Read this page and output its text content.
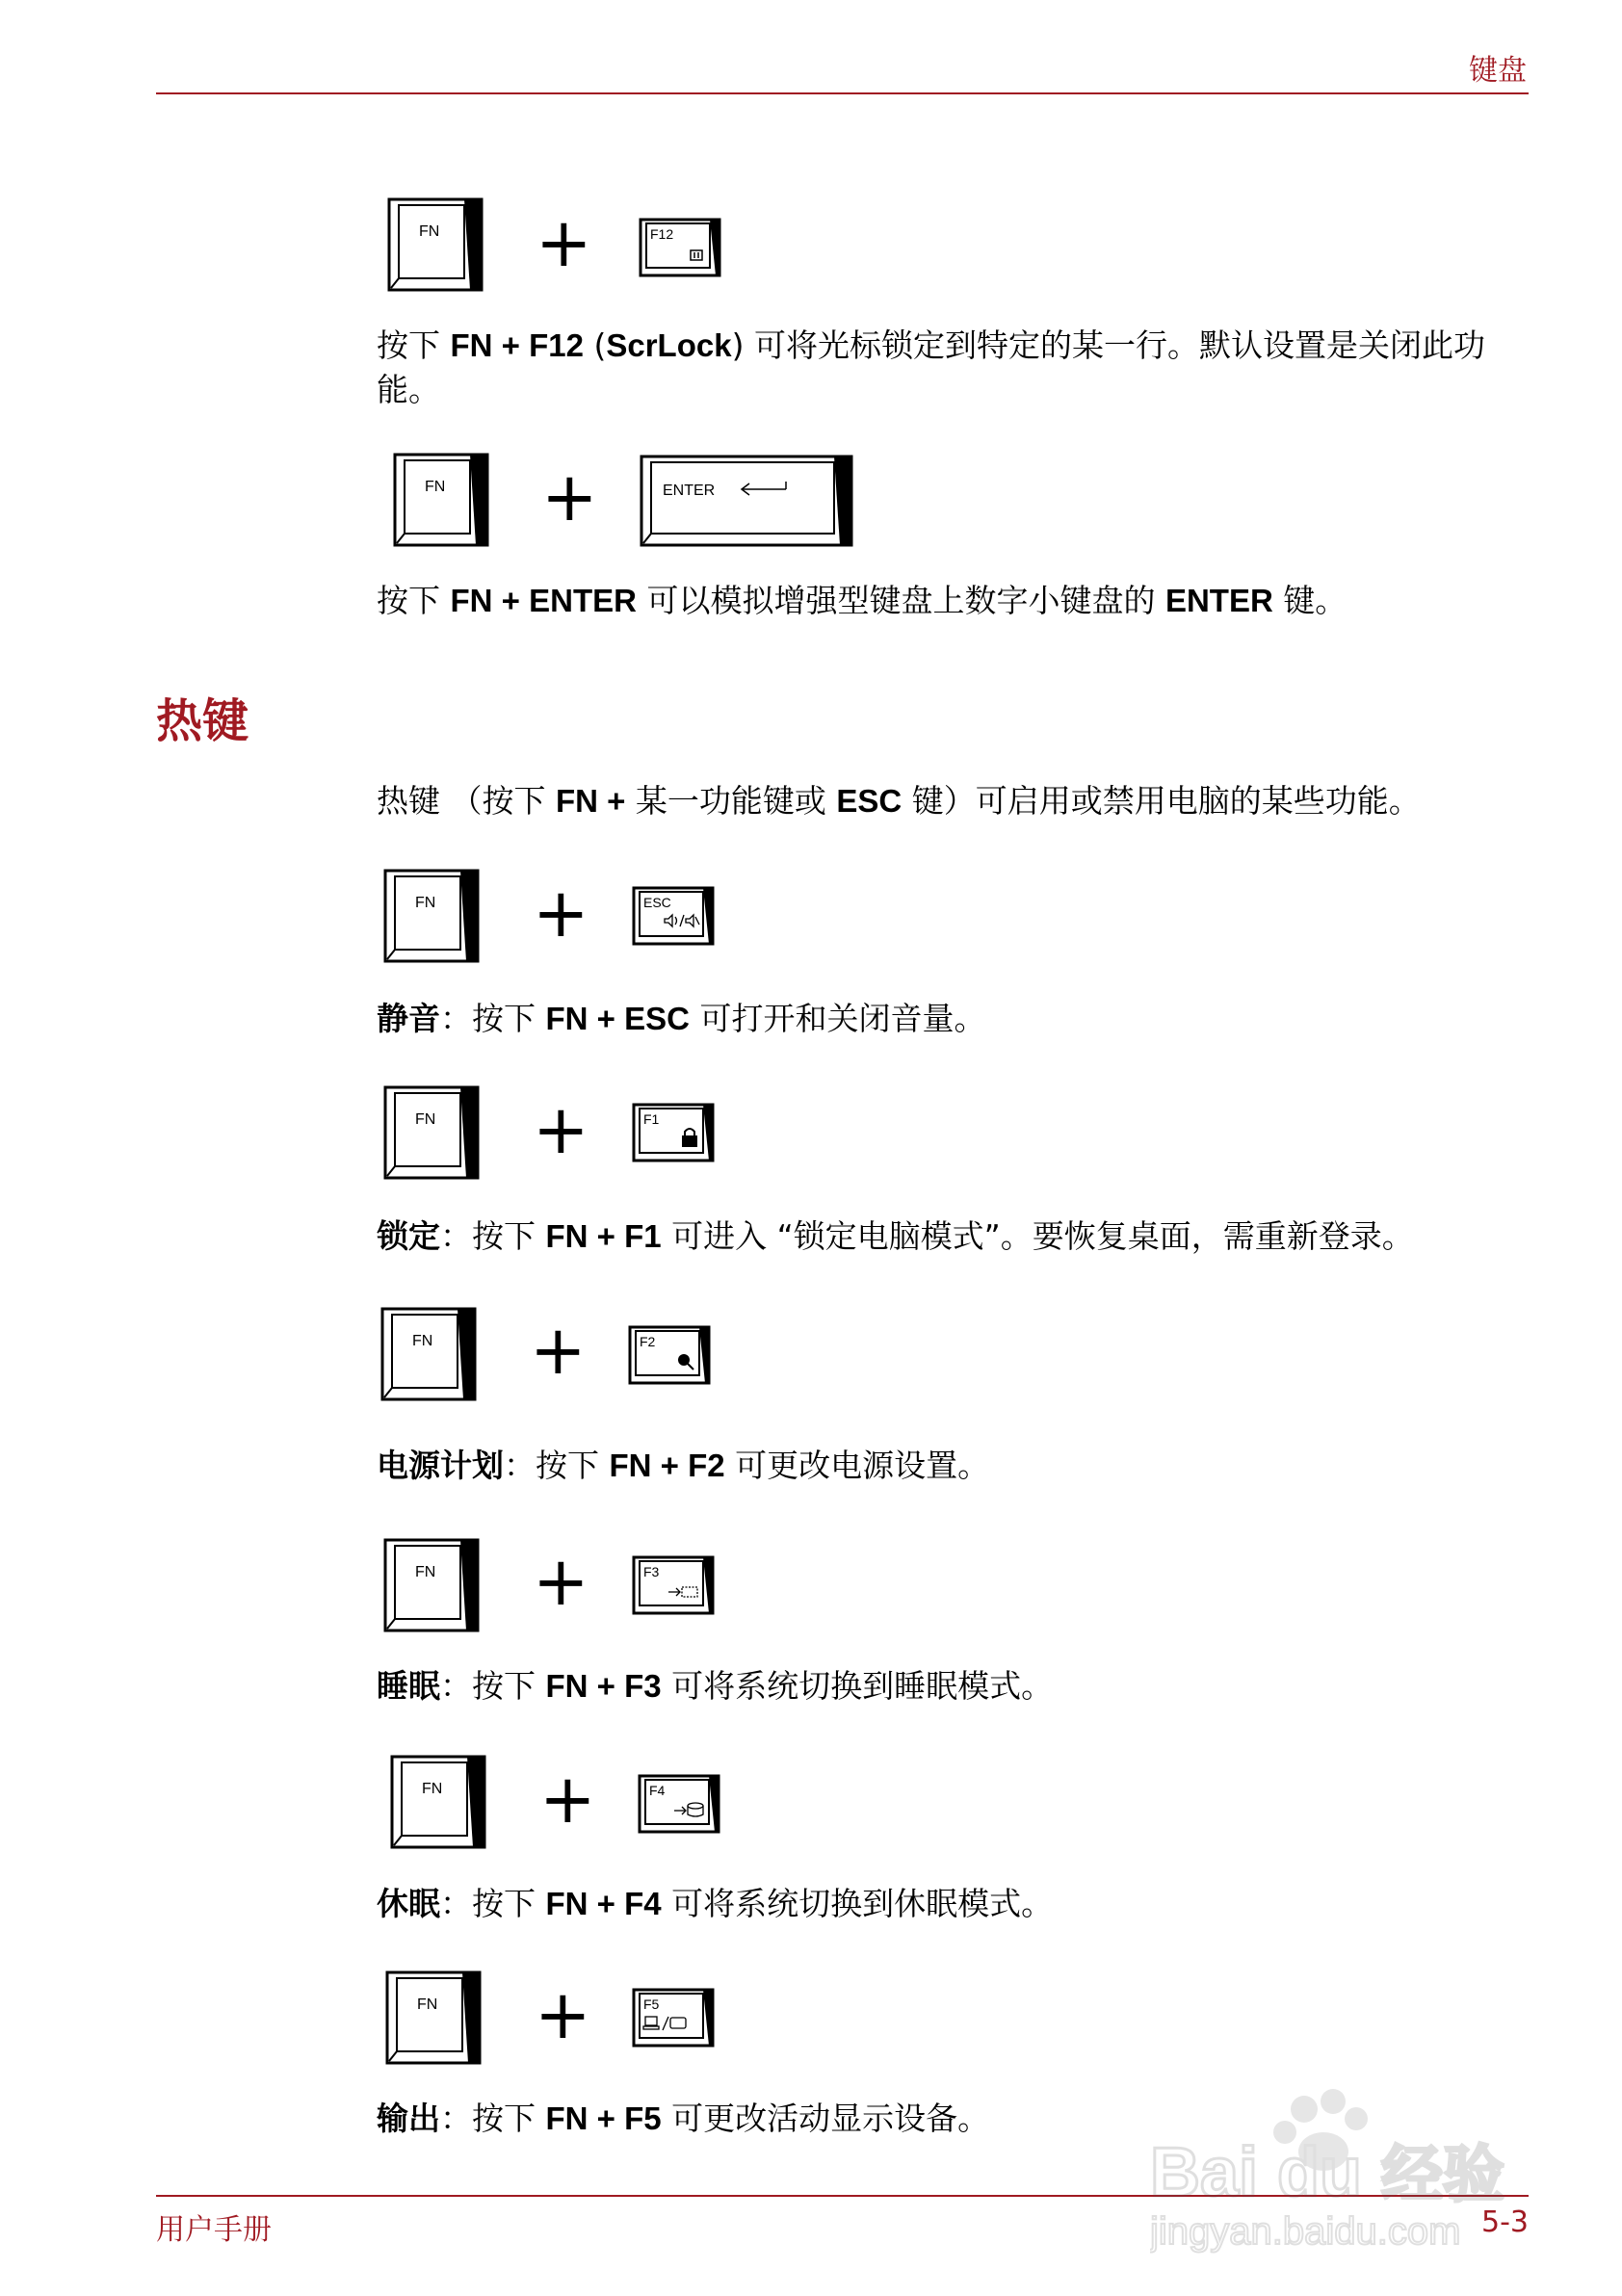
键盘
用户手册	5-3
FN +	F12
按下 FN + F12 (ScrLock) 可将光标锁定到特定的某一行。默认设置是关闭此功能。
FN +	ENTER
按下 FN + ENTER 可以模拟增强型键盘上数字小键盘的 ENTER 键。
热键
热键 （按下 FN + 某一功能键或 ESC 键）可启用或禁用电脑的某些功能。
FN +	ESC
静音：按下 FN + ESC 可打开和关闭音量。
FN +	F1
锁定：按下 FN + F1 可进入 “锁定电脑模式”。要恢复桌面，需重新登录。
FN +	F2
电源计划：按下 FN + F2 可更改电源设置。
FN +	F3
睡眠：按下 FN + F3 可将系统切换到睡眠模式。
FN +	F4
休眠：按下 FN + F4 可将系统切换到休眠模式。
FN +	F5
输出：按下 FN + F5 可更改活动显示设备。
Bai du 经验
jingyan.baidu.com
